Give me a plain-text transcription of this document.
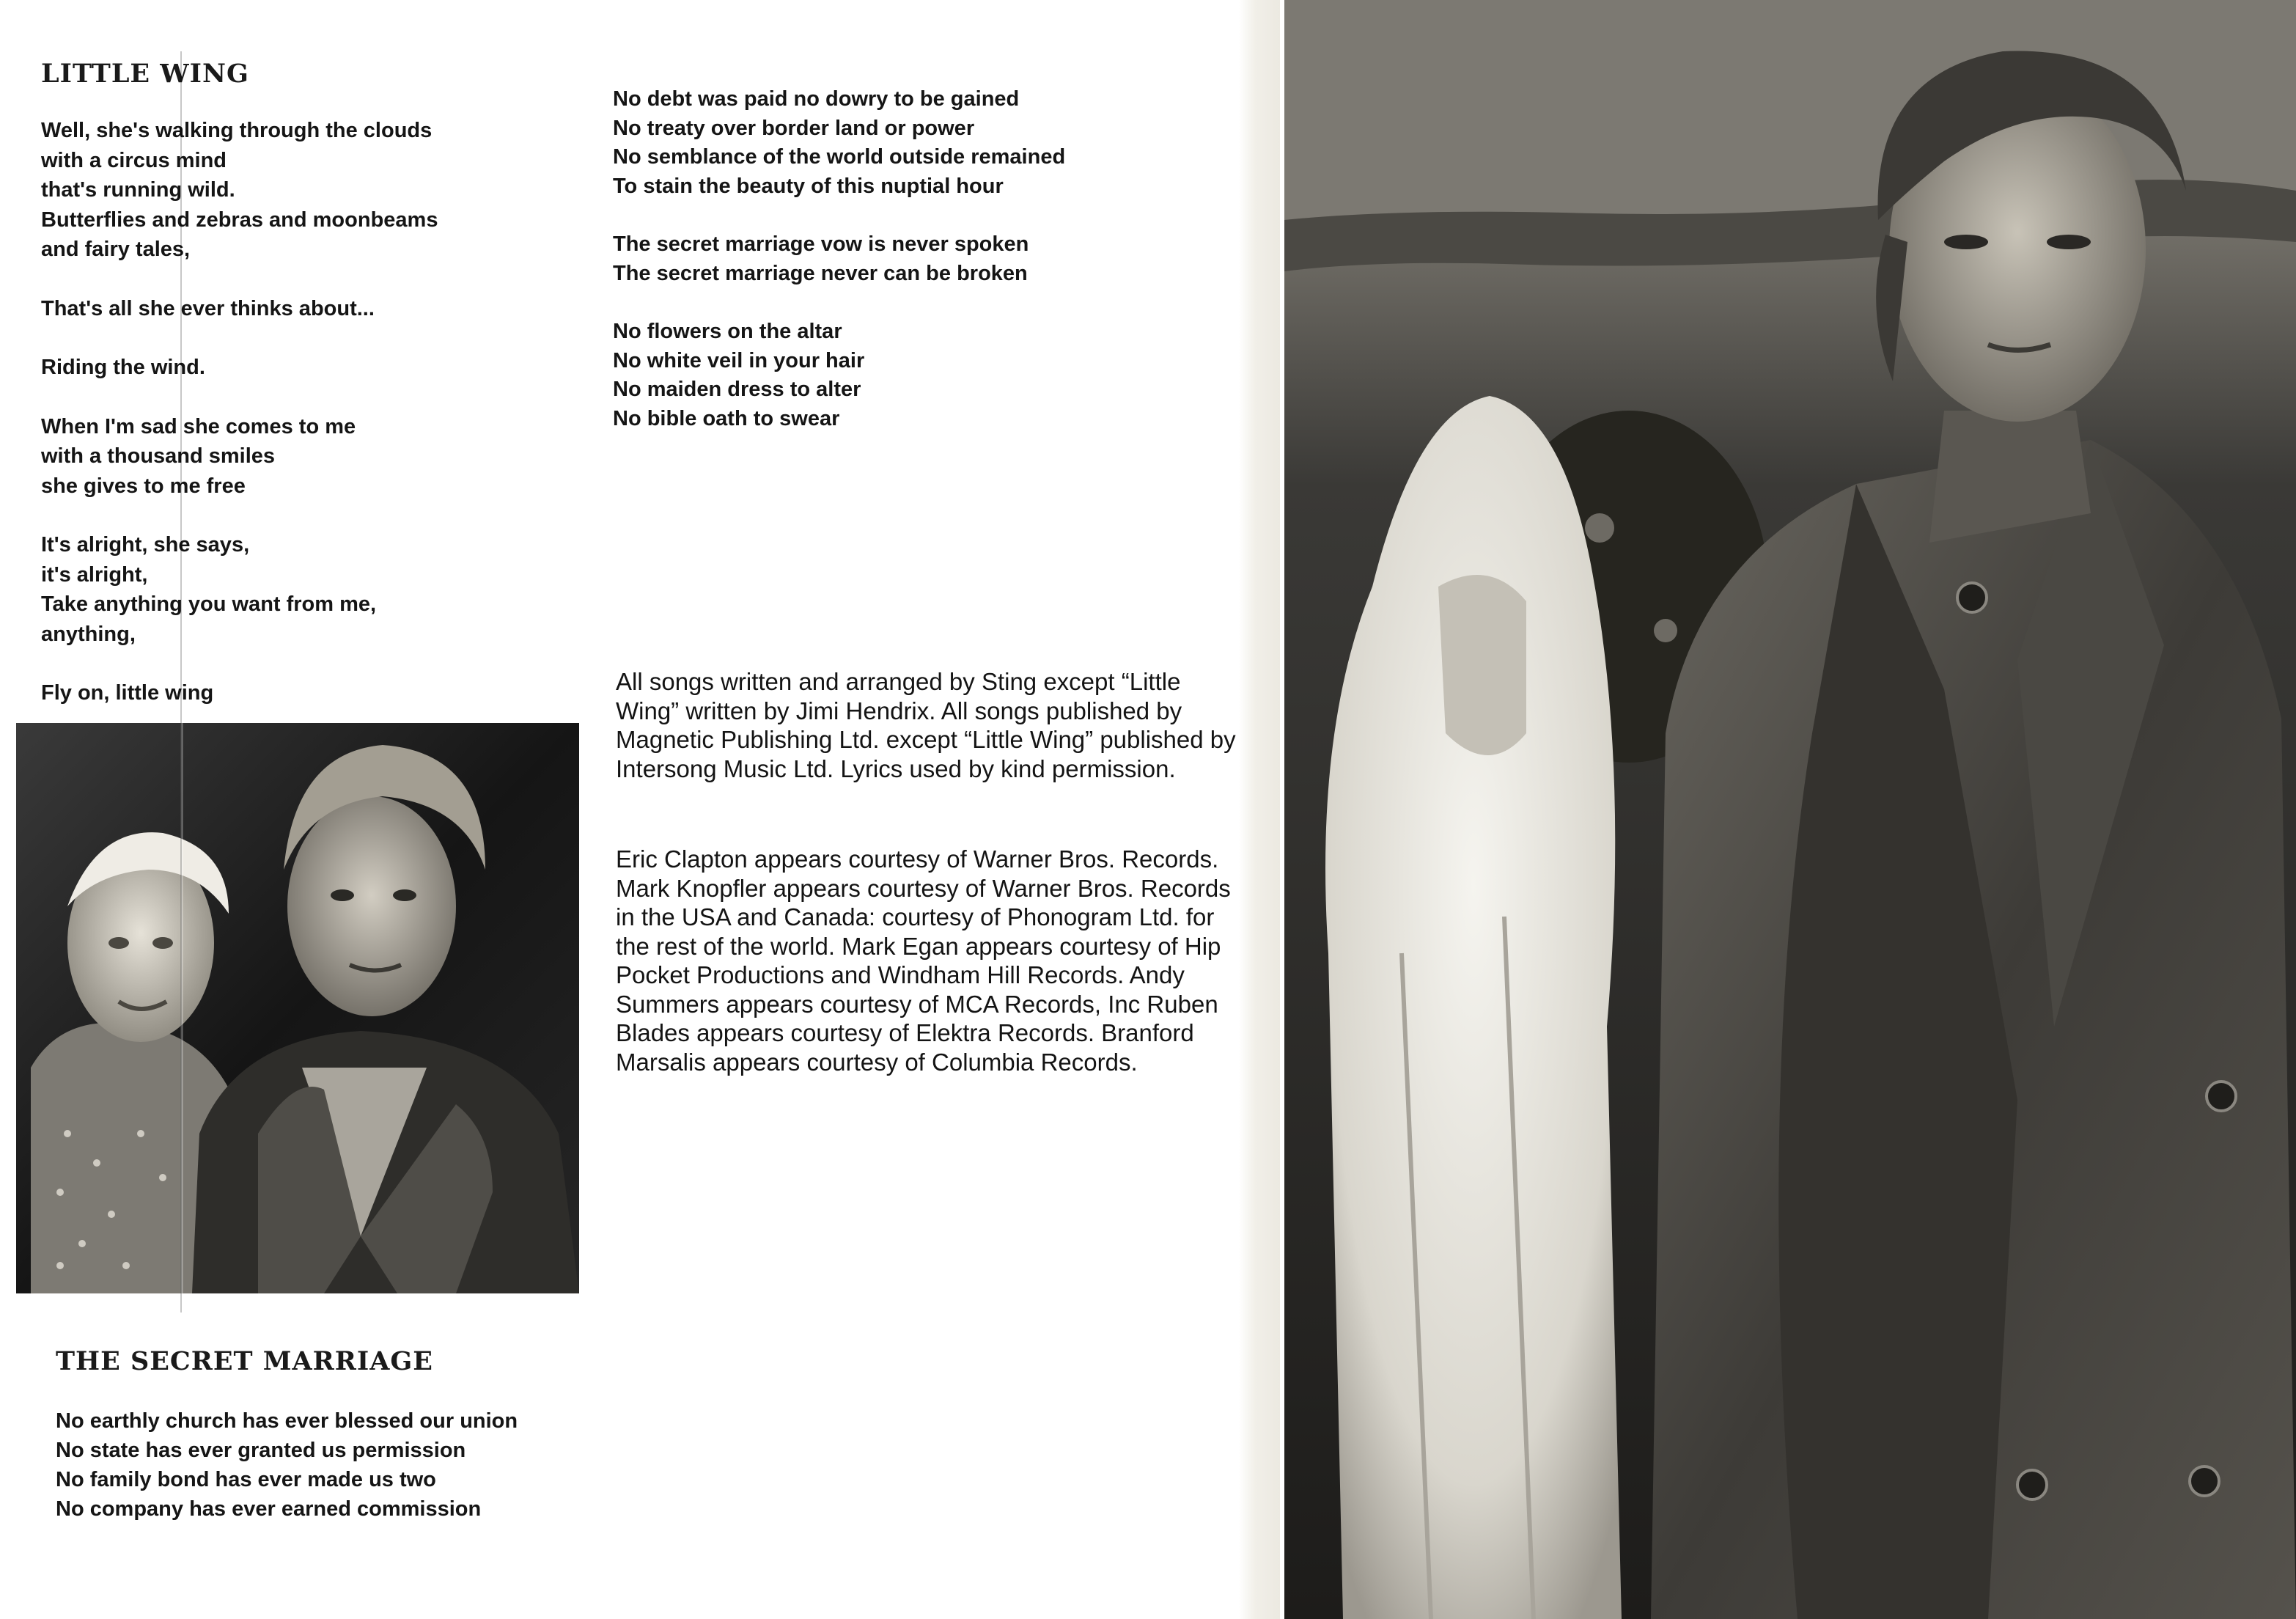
LITTLE WING
Well, she's walking through the clouds
with a circus mind
that's running wild.
Butterflies and zebras and moonbeams
and fairy tales,
That's all she ever thinks about...
Riding the wind.
When I'm sad she comes to me
with a thousand smiles
she gives to me free
It's alright, she says,
it's alright,
Take anything you want from me,
anything,
Fly on, little wing
THE SECRET MARRIAGE
No earthly church has ever blessed our union
No state has ever granted us permission
No family bond has ever made us two
No company has ever earned commission
No debt was paid no dowry to be gained
No treaty over border land or power
No semblance of the world outside remained
To stain the beauty of this nuptial hour
The secret marriage vow is never spoken
The secret marriage never can be broken
No flowers on the altar
No white veil in your hair
No maiden dress to alter
No bible oath to swear

All songs written and arranged by Sting except “Little Wing” written by Jimi Hendrix. All songs published by Magnetic Publishing Ltd. except “Little Wing” published by Intersong Music Ltd. Lyrics used by kind permission.

Eric Clapton appears courtesy of Warner Bros. Records. Mark Knopfler appears courtesy of Warner Bros. Records in the USA and Canada: courtesy of Phonogram Ltd. for the rest of the world. Mark Egan appears courtesy of Hip Pocket Productions and Windham Hill Records. Andy Summers appears courtesy of MCA Records, Inc Ruben Blades appears courtesy of Elektra Records. Branford Marsalis appears courtesy of Columbia Records.
